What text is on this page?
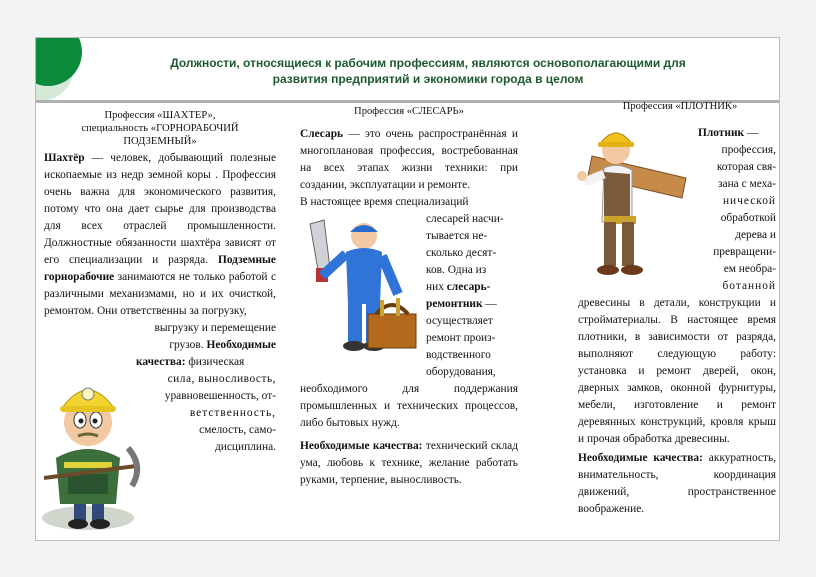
Должности, относящиеся к рабочим профессиям, являются основополагающими для
развития предприятий и экономики города в целом
Профессия «ШАХТЕР»,
специальность «ГОРНОРАБОЧИЙ
ПОДЗЕМНЫЙ»

Шахтёр — человек, добывающий полезные ископаемые из недр земной коры . Профессия очень важна для экономического развития, потому что она дает сырье для производства для всех отраслей промышленности. Должностные обязанности шахтёра зависят от его специализации и разряда. Подземные горнорабочие занимаются не только работой с различными механизмами, но и их очисткой, ремонтом. Они ответственны за погрузку,

выгрузку и перемещение
грузов. Необходимые
качества: физическая
сила, выносливость,
уравновешенность, от-
ветственность,
смелость, само-
дисциплина.
Профессия «СЛЕСАРЬ»

Слесарь — это очень распространённая и многоплановая профессия, востребованная на всех этапах жизни техники: при создании, эксплуатации и ремонте.

В настоящее время специализаций
слесарей насчи-
тывается не-
сколько десят-
ков. Одна из
них слесарь-
ремонтник —
осуществляет
ремонт произ-
водственного
оборудования,

необходимого для поддержания промышленных и технических процессов, либо бытовых нужд.

Необходимые качества: технический склад ума, любовь к технике, желание работать руками, терпение, выносливость.

Профессия «ПЛОТНИК»
Плотник —
профессия,
которая свя-
зана с меха-
нической
обработкой
дерева и
превращени-
ем необра-
ботанной

древесины в детали, конструкции и стройматериалы. В настоящее время плотники, в зависимости от разряда, выполняют следующую работу: установка и ремонт дверей, окон, дверных замков, оконной фурнитуры, мебели, изготовление и ремонт деревянных конструкций, кровля крыш и прочая обработка древесины.

Необходимые качества: аккуратность, внимательность, координация движений, пространственное воображение.
